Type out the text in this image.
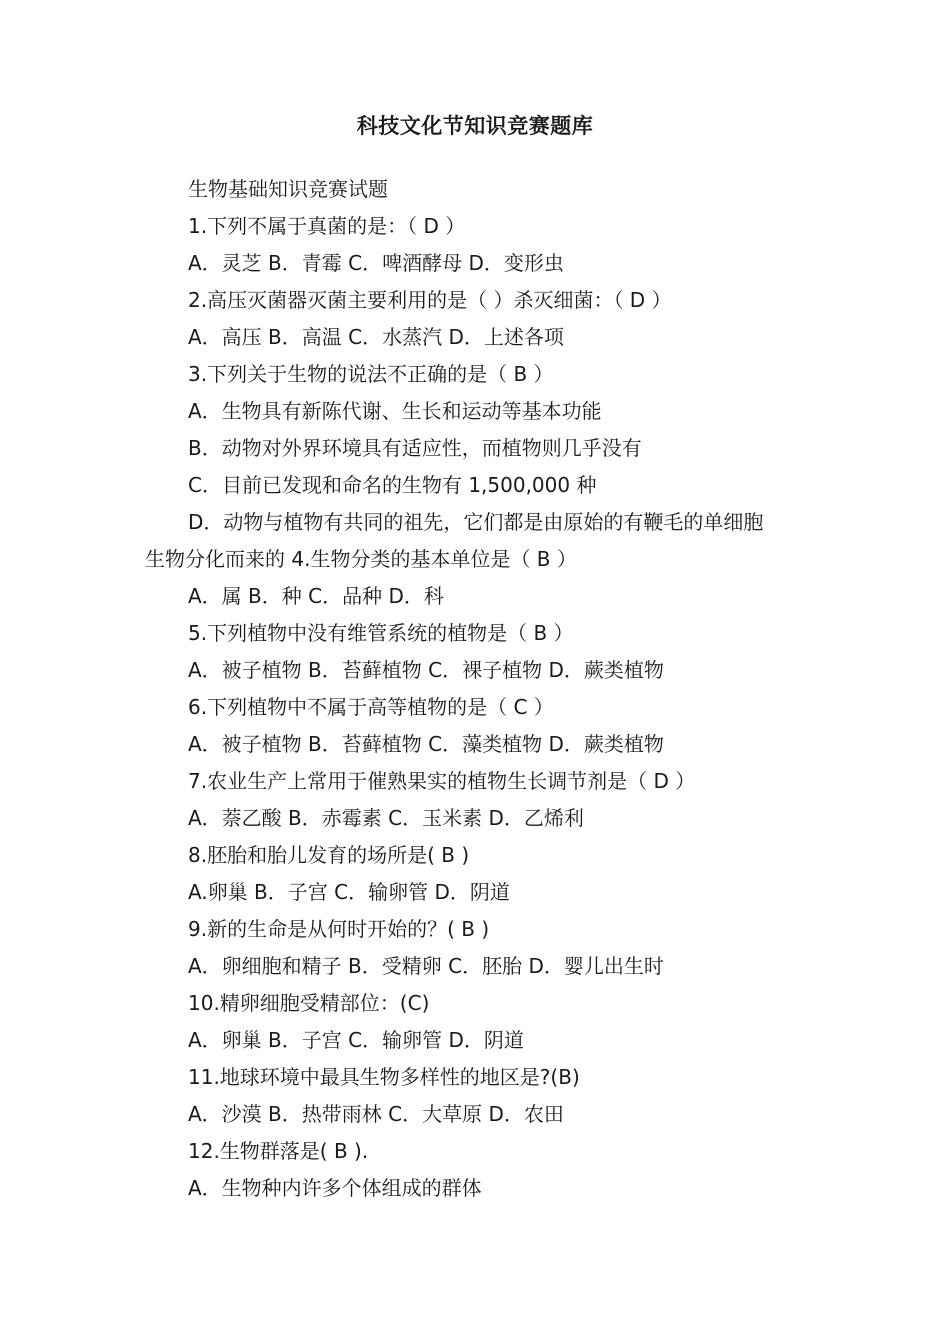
科技文化节知识竞赛题库
生物基础知识竞赛试题
1.下列不属于真菌的是：（ D ）
A．灵芝 B．青霉 C．啤酒酵母 D．变形虫
2.高压灭菌器灭菌主要利用的是（ ）杀灭细菌：（ D ）
A．高压 B．高温 C．水蒸汽 D．上述各项
3.下列关于生物的说法不正确的是（ B ）
A．生物具有新陈代谢、生长和运动等基本功能
B．动物对外界环境具有适应性，而植物则几乎没有
C．目前已发现和命名的生物有 1,500,000 种
D．动物与植物有共同的祖先，它们都是由原始的有鞭毛的单细胞
生物分化而来的 4.生物分类的基本单位是（ B ）
A．属 B．种 C．品种 D．科
5.下列植物中没有维管系统的植物是（ B ）
A．被子植物 B．苔藓植物 C．裸子植物 D．蕨类植物
6.下列植物中不属于高等植物的是（ C ）
A．被子植物 B．苔藓植物 C．藻类植物 D．蕨类植物
7.农业生产上常用于催熟果实的植物生长调节剂是（ D ）
A．萘乙酸 B．赤霉素 C．玉米素 D．乙烯利
8.胚胎和胎儿发育的场所是( B )
A.卵巢 B．子宫 C．输卵管 D．阴道
9.新的生命是从何时开始的？( B )
A．卵细胞和精子 B．受精卵 C．胚胎 D．婴儿出生时
10.精卵细胞受精部位：(C)
A．卵巢 B．子宫 C．输卵管 D．阴道
11.地球环境中最具生物多样性的地区是?(B)
A．沙漠 B．热带雨林 C．大草原 D．农田
12.生物群落是( B ).
A．生物种内许多个体组成的群体
